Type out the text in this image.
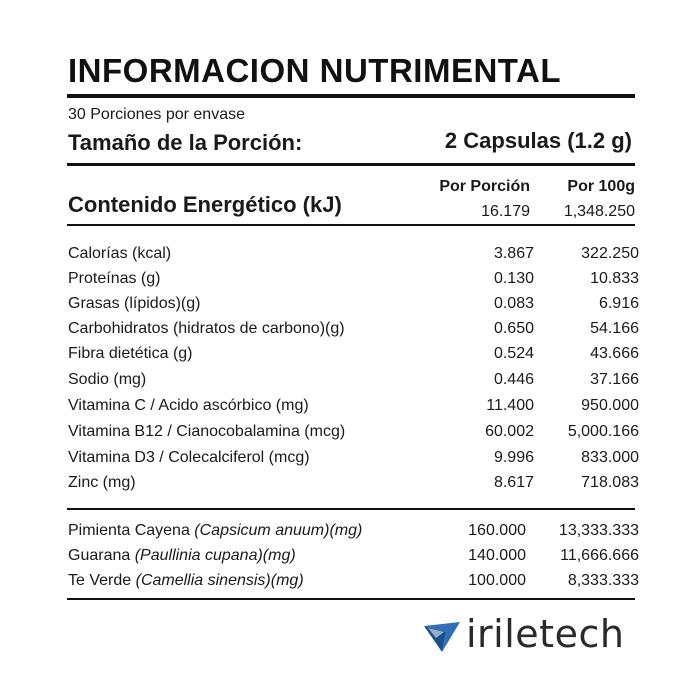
INFORMACION NUTRIMENTAL
30 Porciones por envase
Tamaño de la Porción:	2 Capsulas (1.2 g)
Contenido Energético (kJ)
Por Porción Por 100g
16.179 1,348.250
Calorías (kcal)	3.867	322.250
Proteínas (g)	0.130	10.833
Grasas (lípidos)(g)	0.083	6.916
Carbohidratos (hidratos de carbono)(g)	0.650	54.166
Fibra dietética (g)	0.524	43.666
Sodio (mg)	0.446	37.166
Vitamina C / Acido ascórbico (mg)	11.400	950.000
Vitamina B12 / Cianocobalamina (mcg)	60.002 5,000.166
Vitamina D3 / Colecalciferol (mcg)	9.996	833.000
Zinc (mg)	8.617	718.083
Pimienta Cayena (Capsicum anuum)(mg)	160.000 13,333.333
Guarana (Paullinia cupana)(mg)	140.000 11,666.666
Te Verde (Camellia sinensis)(mg)	100.000	8,333.333
iriletech
